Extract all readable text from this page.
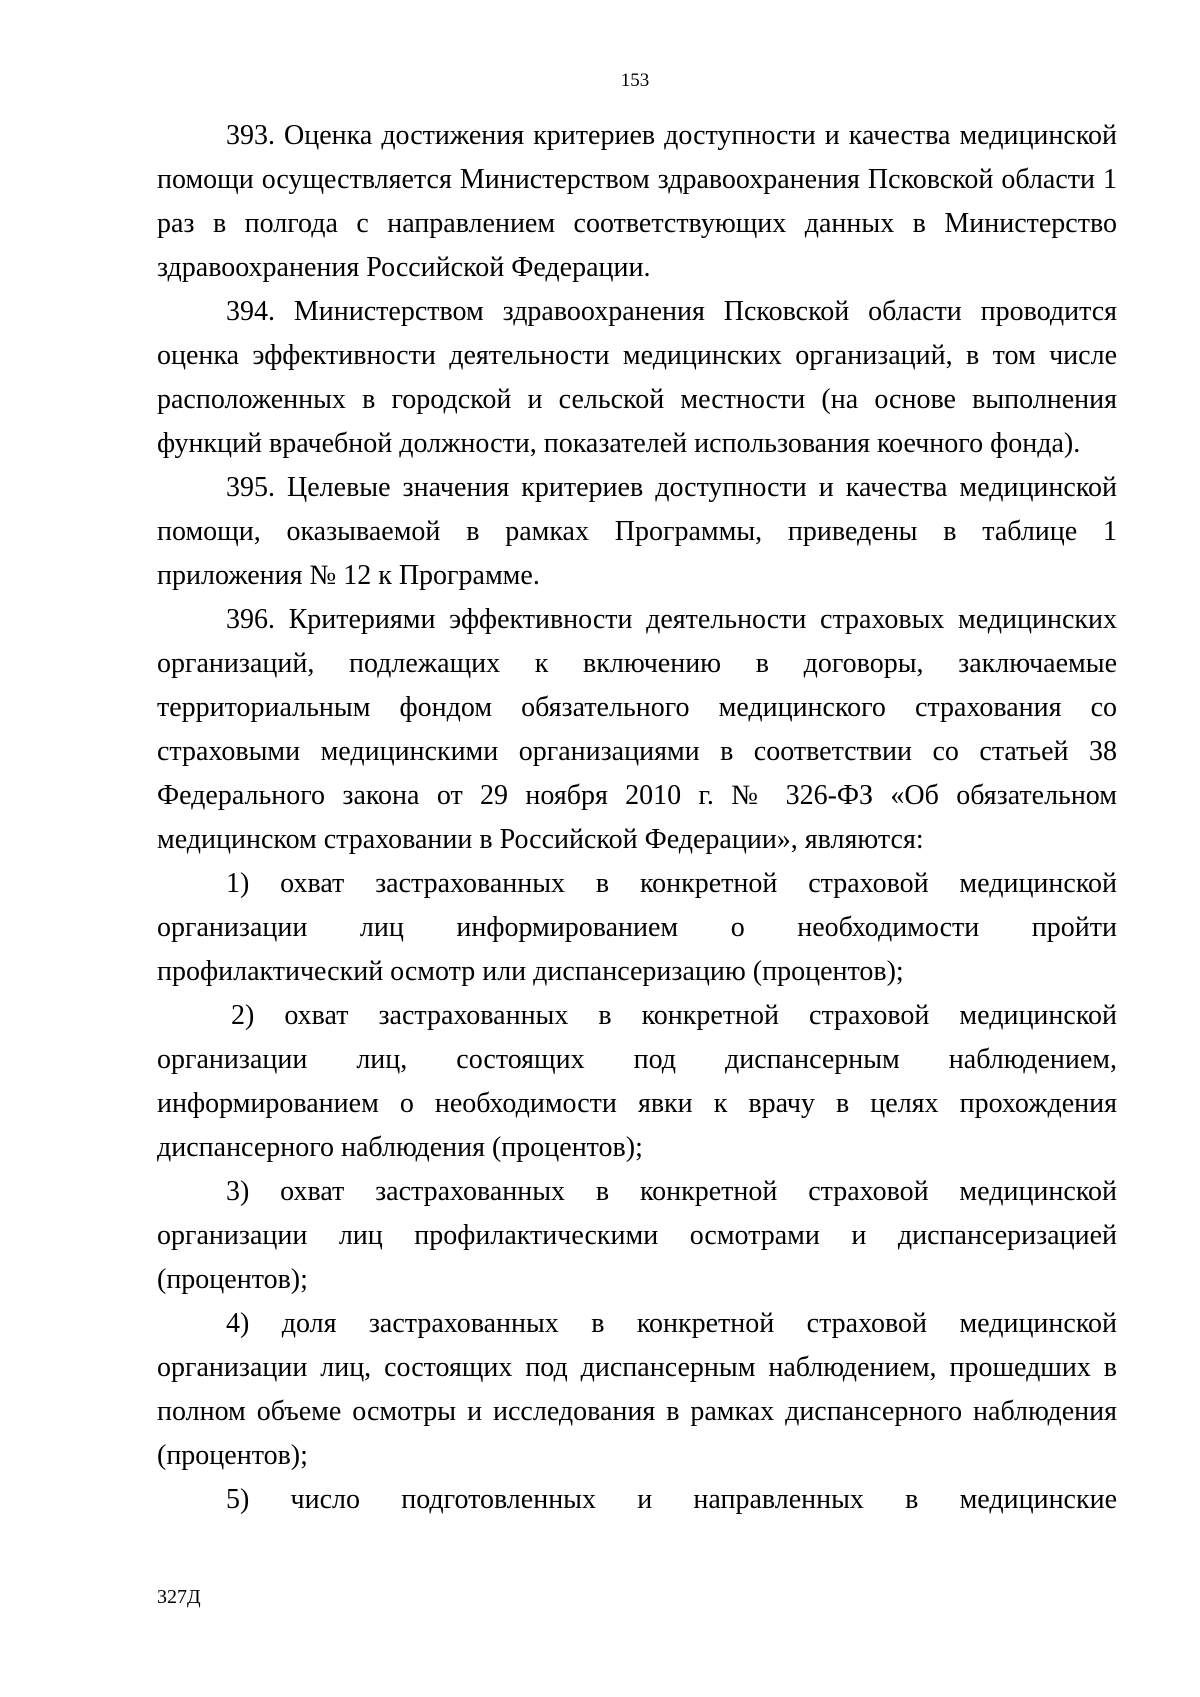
153

393. Оценка достижения критериев доступности и качества медицинской помощи осуществляется Министерством здравоохранения Псковской области 1 раз в полгода с направлением соответствующих данных в Министерство здравоохранения Российской Федерации.

394. Министерством здравоохранения Псковской области проводится оценка эффективности деятельности медицинских организаций, в том числе расположенных в городской и сельской местности (на основе выполнения функций врачебной должности, показателей использования коечного фонда).

395. Целевые значения критериев доступности и качества медицинской помощи, оказываемой в рамках Программы, приведены в таблице 1 приложения № 12 к Программе.

396. Критериями эффективности деятельности страховых медицинских организаций, подлежащих к включению в договоры, заключаемые территориальным фондом обязательного медицинского страхования со страховыми медицинскими организациями в соответствии со статьей 38 Федерального закона от 29 ноября 2010 г. № 326-ФЗ «Об обязательном медицинском страховании в Российской Федерации», являются:

1) охват застрахованных в конкретной страховой медицинской организации лиц информированием о необходимости пройти профилактический осмотр или диспансеризацию (процентов);

2) охват застрахованных в конкретной страховой медицинской организации лиц, состоящих под диспансерным наблюдением, информированием о необходимости явки к врачу в целях прохождения диспансерного наблюдения (процентов);

3) охват застрахованных в конкретной страховой медицинской организации лиц профилактическими осмотрами и диспансеризацией (процентов);

4) доля застрахованных в конкретной страховой медицинской организации лиц, состоящих под диспансерным наблюдением, прошедших в полном объеме осмотры и исследования в рамках диспансерного наблюдения (процентов);

5) число подготовленных и направленных в медицинские

327Д
